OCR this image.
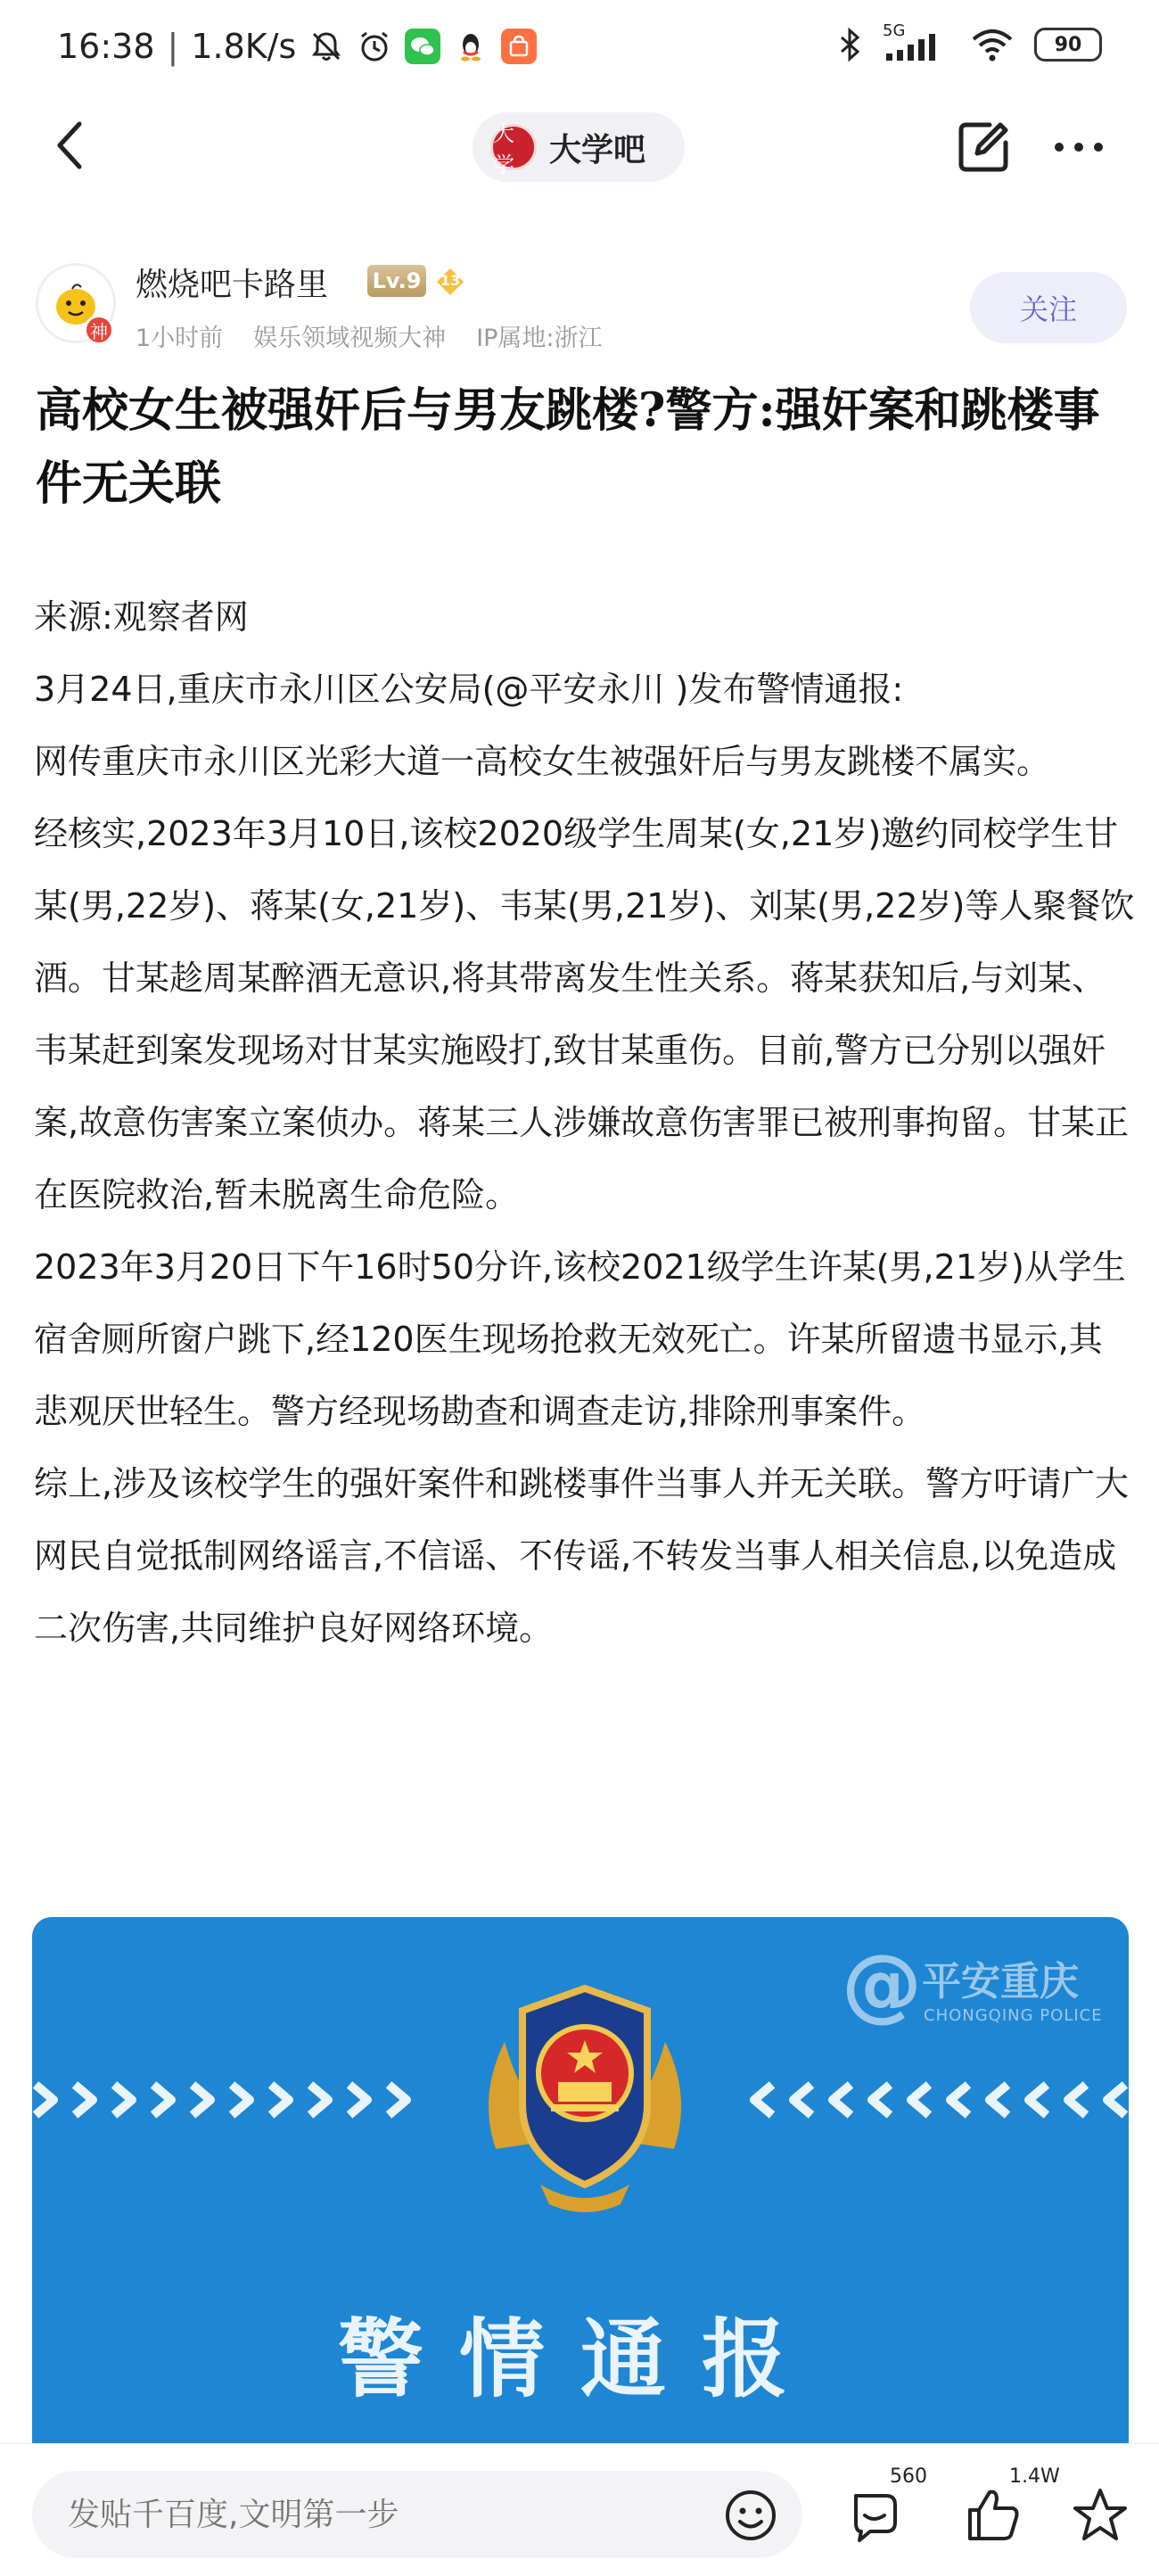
16:38 | 1.8K/s	5G
90
大学	大学吧
神
燃烧吧卡路里 Lv.9	13
1小时前 娱乐领域视频大神 IP属地:浙江
关注
高校女生被强奸后与男友跳楼?警方:强奸案和跳楼事件无关联

来源:观察者网

3月24日,重庆市永川区公安局(@平安永川 )发布警情通报:

网传重庆市永川区光彩大道一高校女生被强奸后与男友跳楼不属实。

经核实,2023年3月10日,该校2020级学生周某(女,21岁)邀约同校学生甘某(男,22岁)、蒋某(女,21岁)、韦某(男,21岁)、刘某(男,22岁)等人聚餐饮酒。甘某趁周某醉酒无意识,将其带离发生性关系。蒋某获知后,与刘某、韦某赶到案发现场对甘某实施殴打,致甘某重伤。目前,警方已分别以强奸案,故意伤害案立案侦办。蒋某三人涉嫌故意伤害罪已被刑事拘留。甘某正在医院救治,暂未脱离生命危险。

2023年3月20日下午16时50分许,该校2021级学生许某(男,21岁)从学生宿舍厕所窗户跳下,经120医生现场抢救无效死亡。许某所留遗书显示,其悲观厌世轻生。警方经现场勘查和调查走访,排除刑事案件。

综上,涉及该校学生的强奸案件和跳楼事件当事人并无关联。警方吁请广大网民自觉抵制网络谣言,不信谣、不传谣,不转发当事人相关信息,以免造成二次伤害,共同维护良好网络环境。

@ 平安重庆
CHONGQING POLICE
警情通报
发贴千百度,文明第一步
560	1.4W
